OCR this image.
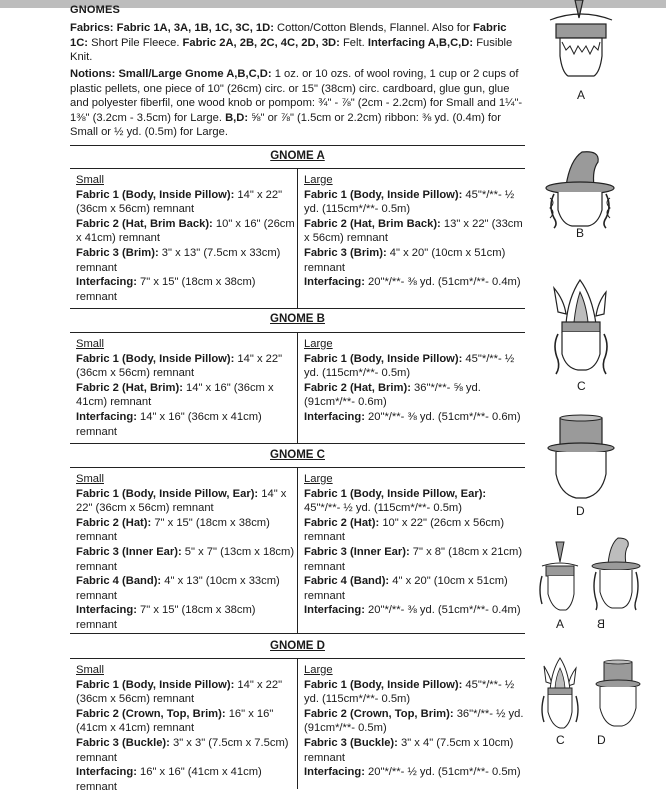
GNOMES
Fabrics: Fabric 1A, 3A, 1B, 1C, 3C, 1D: Cotton/Cotton Blends, Flannel. Also for Fabric 1C: Short Pile Fleece. Fabric 2A, 2B, 2C, 4C, 2D, 3D: Felt. Interfacing A,B,C,D: Fusible Knit.
Notions: Small/Large Gnome A,B,C,D: 1 oz. or 10 ozs. of wool roving, 1 cup or 2 cups of plastic pellets, one piece of 10" (26cm) circ. or 15" (38cm) circ. cardboard, glue gun, glue and polyester fiberfil, one wood knob or pompom: ¾" - ⅞" (2cm - 2.2cm) for Small and 1¼"- 1⅜" (3.2cm - 3.5cm) for Large. B,D: ⅝" or ⅞" (1.5cm or 2.2cm) ribbon: ⅜ yd. (0.4m) for Small or ½ yd. (0.5m) for Large.
GNOME A
Small
Fabric 1 (Body, Inside Pillow): 14" x 22" (36cm x 56cm) remnant
Fabric 2 (Hat, Brim Back): 10" x 16" (26cm x 41cm) remnant
Fabric 3 (Brim): 3" x 13" (7.5cm x 33cm) remnant
Interfacing: 7" x 15" (18cm x 38cm) remnant
Large
Fabric 1 (Body, Inside Pillow): 45"*/**- ½ yd. (115cm*/**- 0.5m)
Fabric 2 (Hat, Brim Back): 13" x 22" (33cm x 56cm) remnant
Fabric 3 (Brim): 4" x 20" (10cm x 51cm) remnant
Interfacing: 20"*/**- ⅜ yd. (51cm*/**- 0.4m)
GNOME B
Small
Fabric 1 (Body, Inside Pillow): 14" x 22" (36cm x 56cm) remnant
Fabric 2 (Hat, Brim): 14" x 16" (36cm x 41cm) remnant
Interfacing: 14" x 16" (36cm x 41cm) remnant
Large
Fabric 1 (Body, Inside Pillow): 45"*/**- ½ yd. (115cm*/**- 0.5m)
Fabric 2 (Hat, Brim): 36"*/**- ⅝ yd. (91cm*/**- 0.6m)
Interfacing: 20"*/**- ⅜ yd. (51cm*/**- 0.6m)
GNOME C
Small
Fabric 1 (Body, Inside Pillow, Ear): 14" x 22" (36cm x 56cm) remnant
Fabric 2 (Hat): 7" x 15" (18cm x 38cm) remnant
Fabric 3 (Inner Ear): 5" x 7" (13cm x 18cm) remnant
Fabric 4 (Band): 4" x 13" (10cm x 33cm) remnant
Interfacing: 7" x 15" (18cm x 38cm) remnant
Large
Fabric 1 (Body, Inside Pillow, Ear): 45"*/**- ½ yd. (115cm*/**- 0.5m)
Fabric 2 (Hat): 10" x 22" (26cm x 56cm) remnant
Fabric 3 (Inner Ear): 7" x 8" (18cm x 21cm) remnant
Fabric 4 (Band): 4" x 20" (10cm x 51cm) remnant
Interfacing: 20"*/**- ⅜ yd. (51cm*/**- 0.4m)
GNOME D
Small
Fabric 1 (Body, Inside Pillow): 14" x 22" (36cm x 56cm) remnant
Fabric 2 (Crown, Top, Brim): 16" x 16" (41cm x 41cm) remnant
Fabric 3 (Buckle): 3" x 3" (7.5cm x 7.5cm) remnant
Interfacing: 16" x 16" (41cm x 41cm) remnant
Large
Fabric 1 (Body, Inside Pillow): 45"*/**- ½ yd. (115cm*/**- 0.5m)
Fabric 2 (Crown, Top, Brim): 36"*/**- ½ yd. (91cm*/**- 0.5m)
Fabric 3 (Buckle): 3" x 4" (7.5cm x 10cm) remnant
Interfacing: 20"*/**- ½ yd. (51cm*/**- 0.5m)
A
B
C
D
A	B
C	D
